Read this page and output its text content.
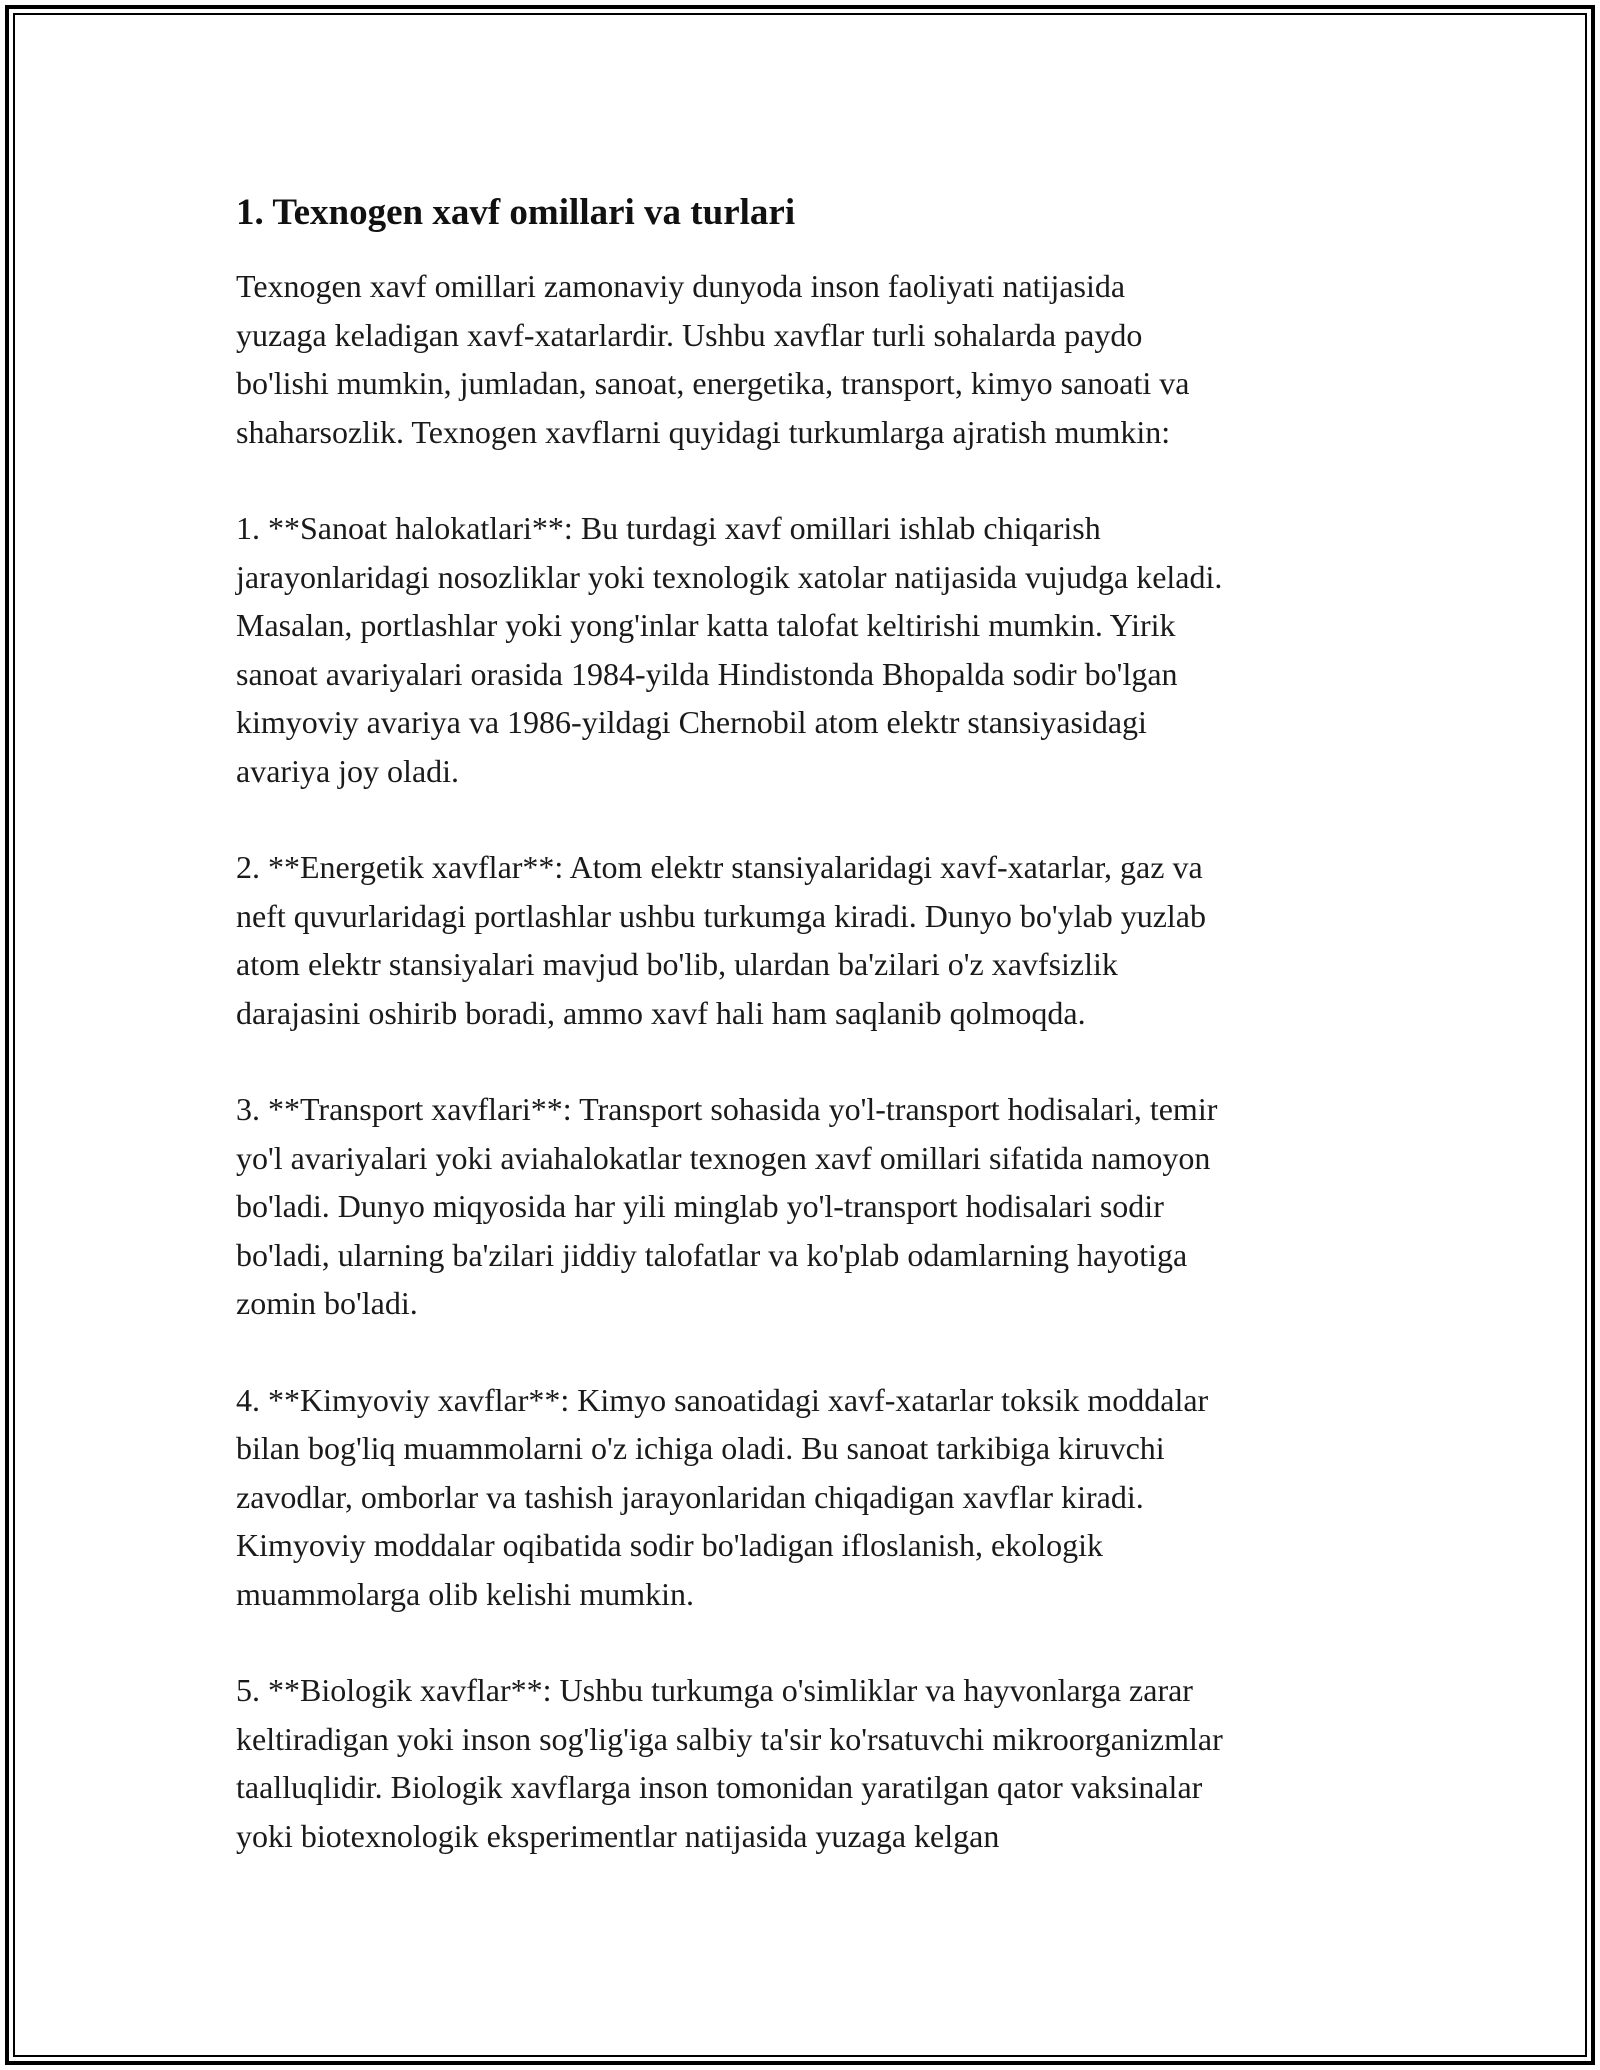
1. Texnogen xavf omillari va turlari

Texnogen xavf omillari zamonaviy dunyoda inson faoliyati natijasida
yuzaga keladigan xavf-xatarlardir. Ushbu xavflar turli sohalarda paydo
bo'lishi mumkin, jumladan, sanoat, energetika, transport, kimyo sanoati va
shaharsozlik. Texnogen xavflarni quyidagi turkumlarga ajratish mumkin:

1. **Sanoat halokatlari**: Bu turdagi xavf omillari ishlab chiqarish
jarayonlaridagi nosozliklar yoki texnologik xatolar natijasida vujudga keladi.
Masalan, portlashlar yoki yong'inlar katta talofat keltirishi mumkin. Yirik
sanoat avariyalari orasida 1984-yilda Hindistonda Bhopalda sodir bo'lgan
kimyoviy avariya va 1986-yildagi Chernobil atom elektr stansiyasidagi
avariya joy oladi.

2. **Energetik xavflar**: Atom elektr stansiyalaridagi xavf-xatarlar, gaz va
neft quvurlaridagi portlashlar ushbu turkumga kiradi. Dunyo bo'ylab yuzlab
atom elektr stansiyalari mavjud bo'lib, ulardan ba'zilari o'z xavfsizlik
darajasini oshirib boradi, ammo xavf hali ham saqlanib qolmoqda.

3. **Transport xavflari**: Transport sohasida yo'l-transport hodisalari, temir
yo'l avariyalari yoki aviahalokatlar texnogen xavf omillari sifatida namoyon
bo'ladi. Dunyo miqyosida har yili minglab yo'l-transport hodisalari sodir
bo'ladi, ularning ba'zilari jiddiy talofatlar va ko'plab odamlarning hayotiga
zomin bo'ladi.

4. **Kimyoviy xavflar**: Kimyo sanoatidagi xavf-xatarlar toksik moddalar
bilan bog'liq muammolarni o'z ichiga oladi. Bu sanoat tarkibiga kiruvchi
zavodlar, omborlar va tashish jarayonlaridan chiqadigan xavflar kiradi.
Kimyoviy moddalar oqibatida sodir bo'ladigan ifloslanish, ekologik
muammolarga olib kelishi mumkin.

5. **Biologik xavflar**: Ushbu turkumga o'simliklar va hayvonlarga zarar
keltiradigan yoki inson sog'lig'iga salbiy ta'sir ko'rsatuvchi mikroorganizmlar
taalluqlidir. Biologik xavflarga inson tomonidan yaratilgan qator vaksinalar
yoki biotexnologik eksperimentlar natijasida yuzaga kelgan
